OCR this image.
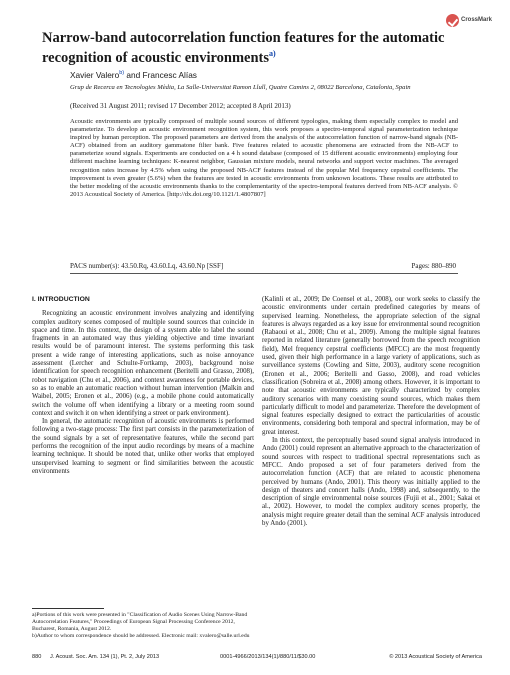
CrossMark
Narrow-band autocorrelation function features for the automatic recognition of acoustic environments$^{a)}$
Xavier Valero$^{b)}$ and Francesc Alías
Grup de Recerca en Tecnologies Mèdia, La Salle-Universitat Ramon Llull, Quatre Camins 2, 08022 Barcelona, Catalonia, Spain
(Received 31 August 2011; revised 17 December 2012; accepted 8 April 2013)
Acoustic environments are typically composed of multiple sound sources of different typologies, making them especially complex to model and parameterize. To develop an acoustic environment recognition system, this work proposes a spectro-temporal signal parameterization technique inspired by human perception. The proposed parameters are derived from the analysis of the autocorrelation function of narrow-band signals (NB-ACF) obtained from an auditory gammatone filter bank. Five features related to acoustic phenomena are extracted from the NB-ACF to parameterize sound signals. Experiments are conducted on a 4 h sound database (composed of 15 different acoustic environments) employing four different machine learning techniques: K-nearest neighbor, Gaussian mixture models, neural networks and support vector machines. The averaged recognition rates increase by 4.5% when using the proposed NB-ACF features instead of the popular Mel frequency cepstral coefficients. The improvement is even greater (5.6%) when the features are tested in acoustic environments from unknown locations. These results are attributed to the better modeling of the acoustic environments thanks to the complementarity of the spectro-temporal features derived from NB-ACF analysis. © 2013 Acoustical Society of America. [http://dx.doi.org/10.1121/1.4807807]
PACS number(s): 43.50.Rq, 43.60.Lq, 43.60.Np [SSF]	Pages: 880–890
I. INTRODUCTION

Recognizing an acoustic environment involves analyzing and identifying complex auditory scenes composed of multiple sound sources that coincide in space and time. In this context, the design of a system able to label the sound fragments in an automated way thus yielding objective and time invariant results would be of paramount interest. The systems performing this task present a wide range of interesting applications, such as noise annoyance assessment (Lercher and Schulte-Fortkamp, 2003), background noise identification for speech recognition enhancement (Beritelli and Grasso, 2008), robot navigation (Chu et al., 2006), and context awareness for portable devices, so as to enable an automatic reaction without human intervention (Malkin and Waibel, 2005; Eronen et al., 2006) (e.g., a mobile phone could automatically switch the volume off when identifying a library or a meeting room sound context and switch it on when identifying a street or park environment).

In general, the automatic recognition of acoustic environments is performed following a two-stage process: The first part consists in the parameterization of the sound signals by a set of representative features, while the second part performs the recognition of the input audio recordings by means of a machine learning technique. It should be noted that, unlike other works that employed unsupervised learning to segment or find similarities between the acoustic environments

(Kalinli et al., 2009; De Coensel et al., 2008), our work seeks to classify the acoustic environments under certain predefined categories by means of supervised learning. Nonetheless, the appropriate selection of the signal features is always regarded as a key issue for environmental sound recognition (Rabaoui et al., 2008; Chu et al., 2009). Among the multiple signal features reported in related literature (generally borrowed from the speech recognition field), Mel frequency cepstral coefficients (MFCC) are the most frequently used, given their high performance in a large variety of applications, such as surveillance systems (Cowling and Sitte, 2003), auditory scene recognition (Eronen et al., 2006; Beritelli and Gasso, 2008), and road vehicles classification (Sobreira et al., 2008) among others. However, it is important to note that acoustic environments are typically characterized by complex auditory scenarios with many coexisting sound sources, which makes them particularly difficult to model and parameterize. Therefore the development of signal features especially designed to extract the particularities of acoustic environments, considering both temporal and spectral information, may be of great interest.

In this context, the perceptually based sound signal analysis introduced in Ando (2001) could represent an alternative approach to the characterization of sound sources with respect to traditional spectral representations such as MFCC. Ando proposed a set of four parameters derived from the autocorrelation function (ACF) that are related to acoustic phenomena perceived by humans (Ando, 2001). This theory was initially applied to the design of theaters and concert halls (Ando, 1998) and, subsequently, to the description of single environmental noise sources (Fujii et al., 2001; Sakai et al., 2002). However, to model the complex auditory scenes properly, the analysis might require greater detail than the seminal ACF analysis introduced by Ando (2001).

a)Portions of this work were presented in "Classification of Audio Scenes Using Narrow-Band Autocorrelation Features," Proceedings of European Signal Processing Conference 2012, Bucharest, Romania, August 2012.

b)Author to whom correspondence should be addressed. Electronic mail: xvalero@salle.url.edu

880	J. Acoust. Soc. Am. 134 (1), Pt. 2, July 2013	0001-4966/2013/134(1)/880/11/$30.00	© 2013 Acoustical Society of America
